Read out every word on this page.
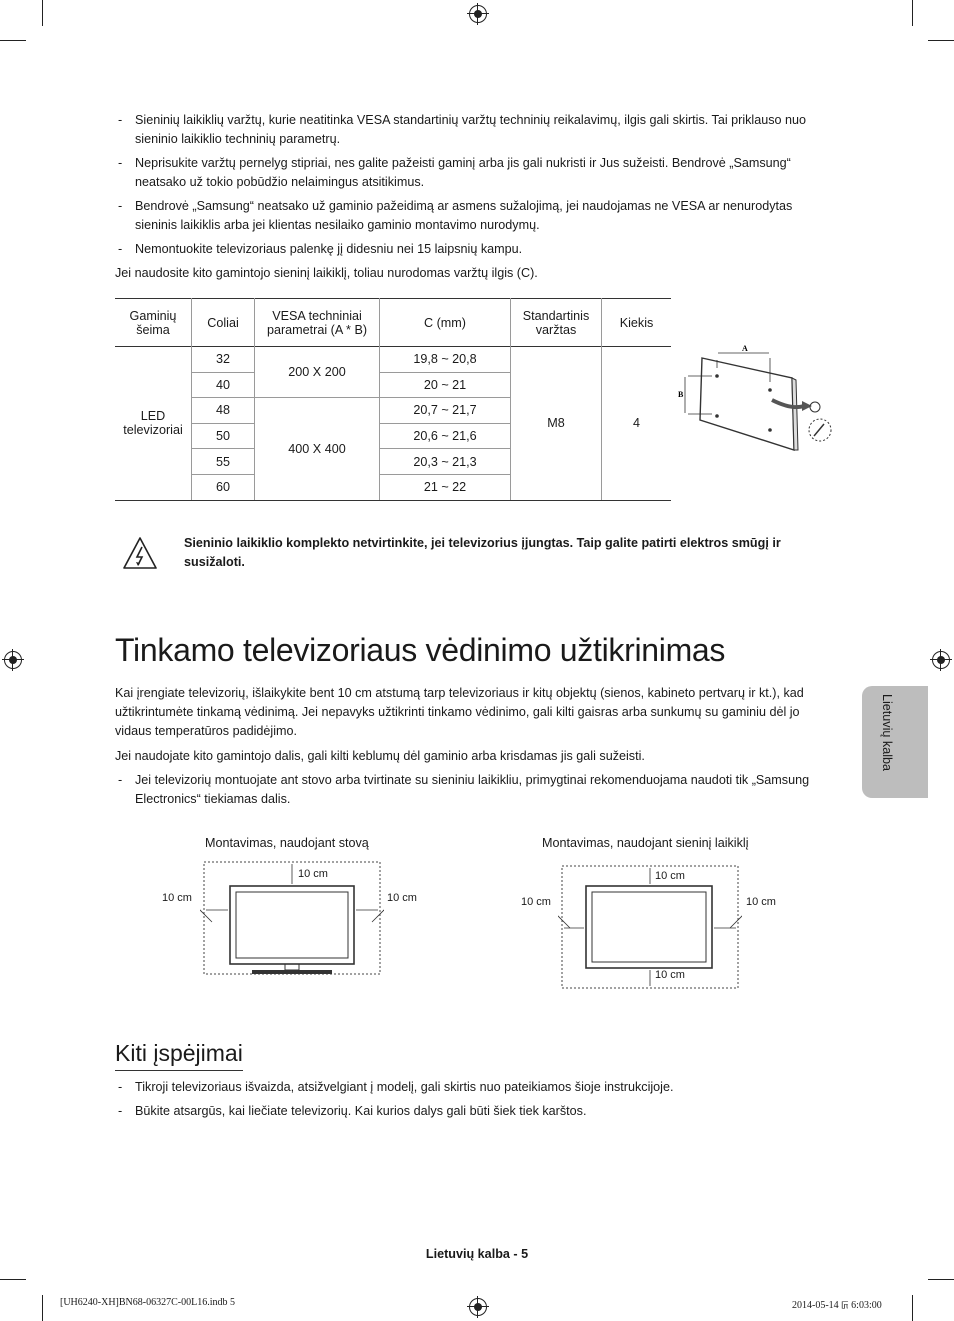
- Sieninių laikiklių varžtų, kurie neatitinka VESA standartinių varžtų techninių reikalavimų, ilgis gali skirtis. Tai priklauso nuo sieninio laikiklio techninių parametrų.
- Neprisukite varžtų pernelyg stipriai, nes galite pažeisti gaminį arba jis gali nukristi ir Jus sužeisti. Bendrovė „Samsung“ neatsako už tokio pobūdžio nelaimingus atsitikimus.
- Bendrovė „Samsung“ neatsako už gaminio pažeidimą ar asmens sužalojimą, jei naudojamas ne VESA ar nenurodytas sieninis laikiklis arba jei klientas nesilaiko gaminio montavimo nurodymų.
- Nemontuokite televizoriaus palenkę jį didesniu nei 15 laipsnių kampu.

Jei naudosite kito gamintojo sieninį laikiklį, toliau nurodomas varžtų ilgis (C).

Gaminių šeima	Coliai	VESA techniniai parametrai (A * B)	C (mm)	Standartinis varžtas	Kiekis
LED televizoriai	32	200 X 200	19,8 ~ 20,8	M8	4
	40		20 ~ 21		
	48	400 X 400	20,7 ~ 21,7		
	50		20,6 ~ 21,6		
	55		20,3 ~ 21,3		
	60		21 ~ 22		
A
B

Sieninio laikiklio komplekto netvirtinkite, jei televizorius įjungtas. Taip galite patirti elektros smūgį ir susižaloti.

Tinkamo televizoriaus vėdinimo užtikrinimas

Kai įrengiate televizorių, išlaikykite bent 10 cm atstumą tarp televizoriaus ir kitų objektų (sienos, kabineto pertvarų ir kt.), kad užtikrintumėte tinkamą vėdinimą. Jei nepavyks užtikrinti tinkamo vėdinimo, gali kilti gaisras arba sunkumų su gaminiu dėl jo vidaus temperatūros padidėjimo.

Jei naudojate kito gamintojo dalis, gali kilti keblumų dėl gaminio arba krisdamas jis gali sužeisti.

- Jei televizorių montuojate ant stovo arba tvirtinate su sieniniu laikikliu, primygtinai rekomenduojama naudoti tik „Samsung Electronics“ tiekiamas dalis.
Lietuvių kalba
Montavimas, naudojant stovą
10 cm
10 cm	10 cm
Montavimas, naudojant sieninį laikiklį
10 cm
10 cm	10 cm
10 cm
Kiti įspėjimai
- Tikroji televizoriaus išvaizda, atsižvelgiant į modelį, gali skirtis nuo pateikiamos šioje instrukcijoje.
- Būkite atsargūs, kai liečiate televizorių. Kai kurios dalys gali būti šiek tiek karštos.
Lietuvių kalba - 5
[UH6240-XH]BN68-06327C-00L16.indb 5	2014-05-14 ꡚ 6:03:00
